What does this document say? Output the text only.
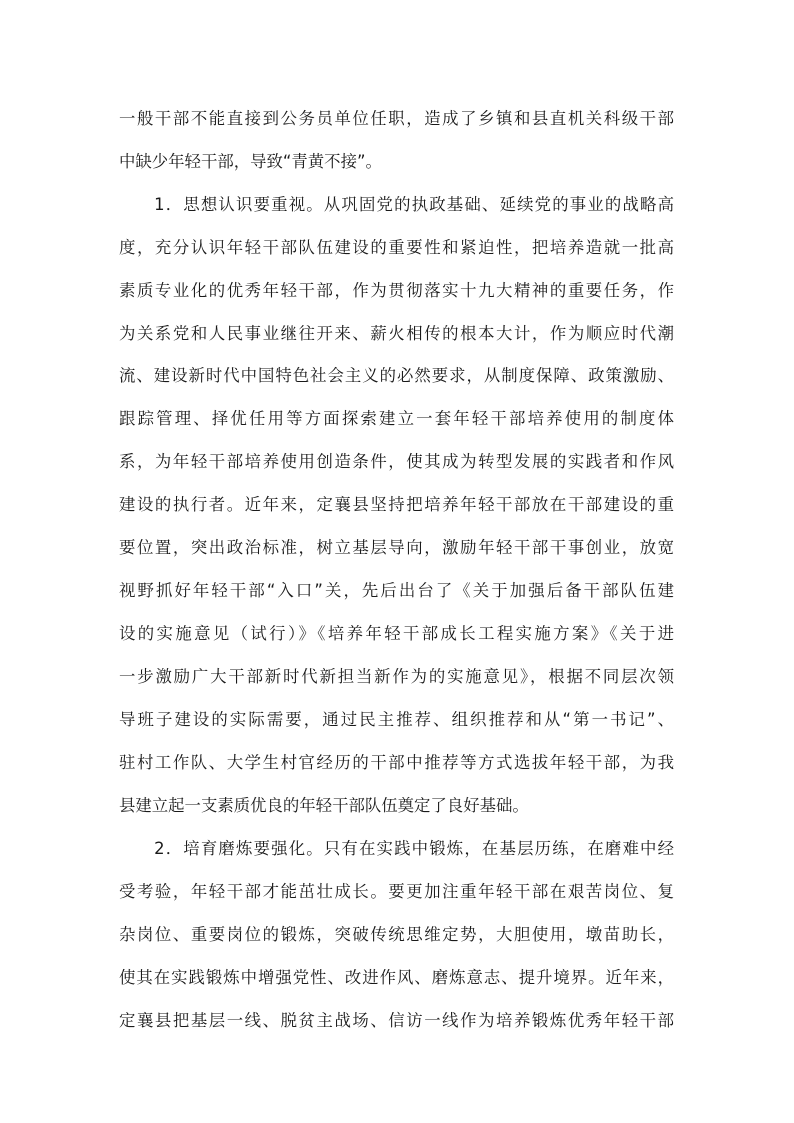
一般干部不能直接到公务员单位任职，造成了乡镇和县直机关科级干部

中缺少年轻干部，导致“青黄不接”。

　　1．思想认识要重视。从巩固党的执政基础、延续党的事业的战略高

度，充分认识年轻干部队伍建设的重要性和紧迫性，把培养造就一批高

素质专业化的优秀年轻干部，作为贯彻落实十九大精神的重要任务，作

为关系党和人民事业继往开来、薪火相传的根本大计，作为顺应时代潮

流、建设新时代中国特色社会主义的必然要求，从制度保障、政策激励、

跟踪管理、择优任用等方面探索建立一套年轻干部培养使用的制度体

系，为年轻干部培养使用创造条件，使其成为转型发展的实践者和作风

建设的执行者。近年来，定襄县坚持把培养年轻干部放在干部建设的重

要位置，突出政治标准，树立基层导向，激励年轻干部干事创业，放宽

视野抓好年轻干部“入口”关，先后出台了《关于加强后备干部队伍建

设的实施意见（试行）》《培养年轻干部成长工程实施方案》《关于进

一步激励广大干部新时代新担当新作为的实施意见》，根据不同层次领

导班子建设的实际需要，通过民主推荐、组织推荐和从“第一书记”、

驻村工作队、大学生村官经历的干部中推荐等方式选拔年轻干部，为我

县建立起一支素质优良的年轻干部队伍奠定了良好基础。

　　2．培育磨炼要强化。只有在实践中锻炼，在基层历练，在磨难中经

受考验，年轻干部才能茁壮成长。要更加注重年轻干部在艰苦岗位、复

杂岗位、重要岗位的锻炼，突破传统思维定势，大胆使用，墩苗助长，

使其在实践锻炼中增强党性、改进作风、磨炼意志、提升境界。近年来，

定襄县把基层一线、脱贫主战场、信访一线作为培养锻炼优秀年轻干部
